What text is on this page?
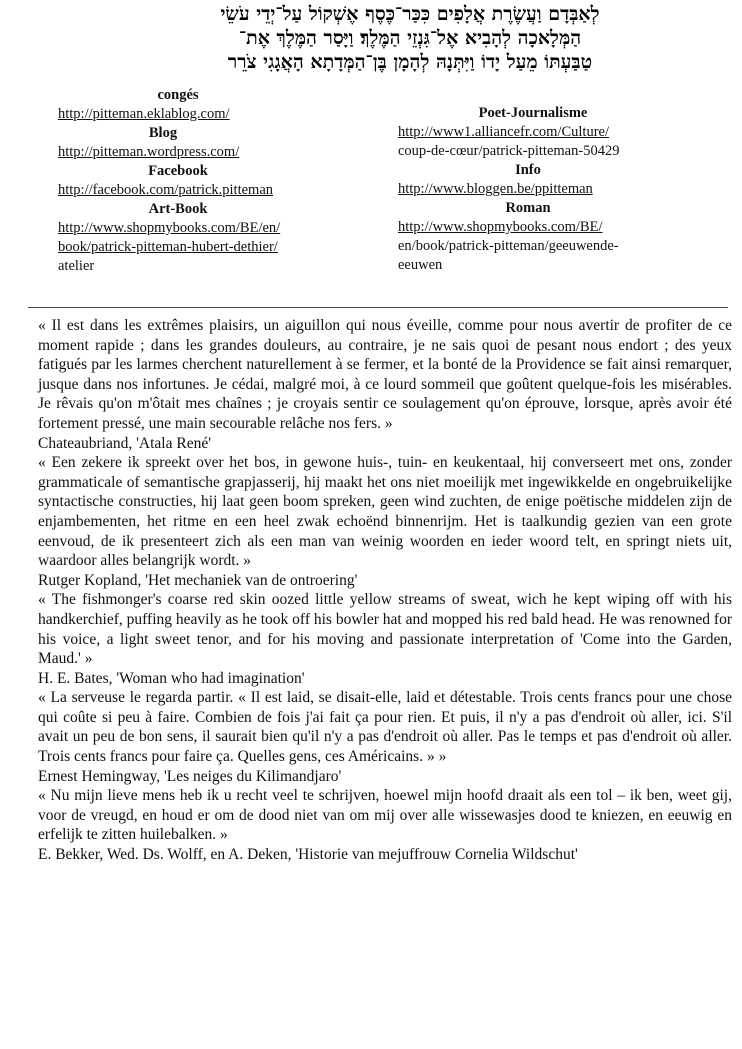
לְאַבְּדָם וַעֲשֶׂרֶת אֲלָפִים כִּכַּר־כֶּסֶף אֶשְׁקוֹל עַל־יְדֵי עֹשֵׂי
הַמְּלָאכָה לְהָבִיא אֶל־גִּנְזֵי הַמֶּלֶךְ׃ וַיָּסַר הַמֶּלֶךְ אֶת־
טַבַּעְתּוֹ מֵעַל יָדוֹ וַיִּתְּנָהּ לְהָמָן בֶּן־הַמְּדָתָא הָאֲגָגִי צֹרֵר
congés
http://pitteman.eklablog.com/
Blog
http://pitteman.wordpress.com/
Facebook
http://facebook.com/patrick.pitteman
Art-Book
http://www.shopmybooks.com/BE/en/
book/patrick-pitteman-hubert-dethier/
atelier
Poet-Journalisme
http://www1.alliancefr.com/Culture/
coup-de-cœur/patrick-pitteman-50429
Info
http://www.bloggen.be/ppitteman
Roman
http://www.shopmybooks.com/BE/
en/book/patrick-pitteman/geeuwende-
eeuwen

« Il est dans les extrêmes plaisirs, un aiguillon qui nous éveille, comme pour nous avertir de profiter de ce moment rapide ; dans les grandes douleurs, au contraire, je ne sais quoi de pesant nous endort ; des yeux fatigués par les larmes cherchent naturellement à se fermer, et la bonté de la Providence se fait ainsi remarquer, jusque dans nos infortunes. Je cédai, malgré moi, à ce lourd sommeil que goûtent quelque-fois les misérables. Je rêvais qu'on m'ôtait mes chaînes ; je croyais sentir ce soulagement qu'on éprouve, lorsque, après avoir été fortement pressé, une main secourable relâche nos fers. »

Chateaubriand, 'Atala René'

« Een zekere ik spreekt over het bos, in gewone huis-, tuin- en keukentaal, hij converseert met ons, zonder grammaticale of semantische grapjasserij, hij maakt het ons niet moeilijk met ingewikkelde en ongebruikelijke syntactische constructies, hij laat geen boom spreken, geen wind zuchten, de enige poëtische middelen zijn de enjambementen, het ritme en een heel zwak echoënd binnenrijm. Het is taalkundig gezien van een grote eenvoud, de ik presenteert zich als een man van weinig woorden en ieder woord telt, en springt niets uit, waardoor alles belangrijk wordt. »

Rutger Kopland, 'Het mechaniek van de ontroering'

« The fishmonger's coarse red skin oozed little yellow streams of sweat, wich he kept wiping off with his handkerchief, puffing heavily as he took off his bowler hat and mopped his red bald head. He was renowned for his voice, a light sweet tenor, and for his moving and passionate interpretation of 'Come into the Garden, Maud.' »

H. E. Bates, 'Woman who had imagination'

« La serveuse le regarda partir. « Il est laid, se disait-elle, laid et détestable. Trois cents francs pour une chose qui coûte si peu à faire. Combien de fois j'ai fait ça pour rien. Et puis, il n'y a pas d'endroit où aller, ici. S'il avait un peu de bon sens, il saurait bien qu'il n'y a pas d'endroit où aller. Pas le temps et pas d'endroit où aller. Trois cents francs pour faire ça. Quelles gens, ces Américains. » »

Ernest Hemingway, 'Les neiges du Kilimandjaro'

« Nu mijn lieve mens heb ik u recht veel te schrijven, hoewel mijn hoofd draait als een tol – ik ben, weet gij, voor de vreugd, en houd er om de dood niet van om mij over alle wissewasjes dood te kniezen, en eeuwig en erfelijk te zitten huilebalken. »

E. Bekker, Wed. Ds. Wolff, en A. Deken, 'Historie van mejuffrouw Cornelia Wildschut'
